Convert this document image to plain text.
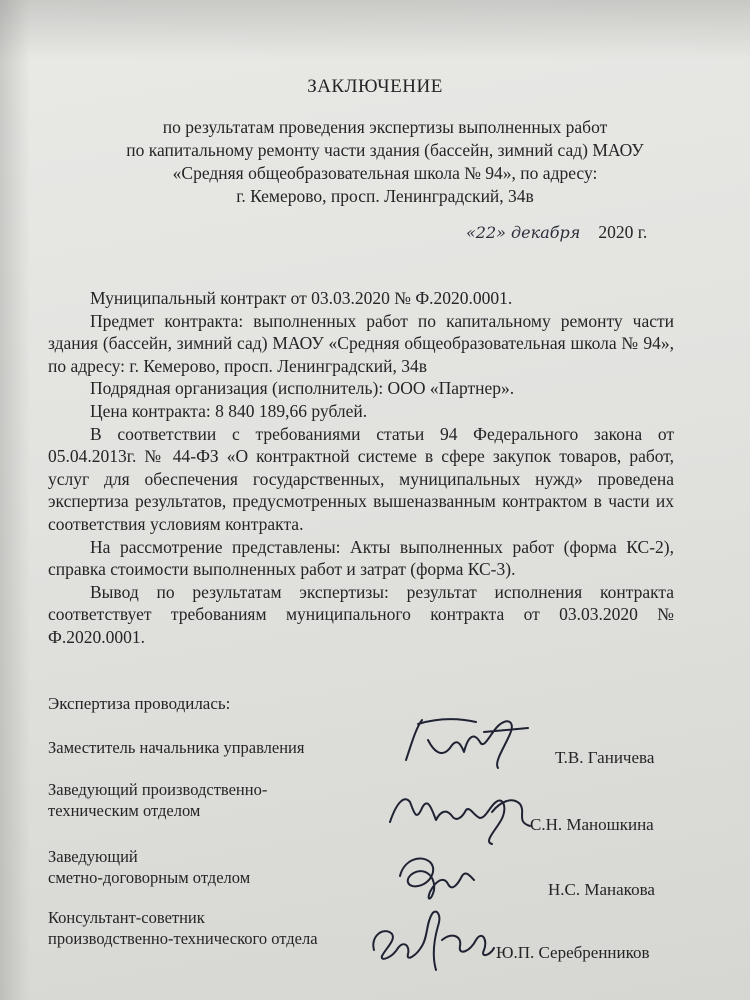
ЗАКЛЮЧЕНИЕ
по результатам проведения экспертизы выполненных работ
по капитальному ремонту части здания (бассейн, зимний сад) МАОУ
«Средняя общеобразовательная школа № 94», по адресу:
г. Кемерово, просп. Ленинградский, 34в
«22» декабря 2020 г.

Муниципальный контракт от 03.03.2020 № Ф.2020.0001.

Предмет контракта: выполненных работ по капитальному ремонту части здания (бассейн, зимний сад) МАОУ «Средняя общеобразовательная школа № 94», по адресу: г. Кемерово, просп. Ленинградский, 34в

Подрядная организация (исполнитель): ООО «Партнер».

Цена контракта: 8 840 189,66 рублей.

В соответствии с требованиями статьи 94 Федерального закона от 05.04.2013г. № 44-ФЗ «О контрактной системе в сфере закупок товаров, работ, услуг для обеспечения государственных, муниципальных нужд» проведена экспертиза результатов, предусмотренных вышеназванным контрактом в части их соответствия условиям контракта.

На рассмотрение представлены: Акты выполненных работ (форма КС-2), справка стоимости выполненных работ и затрат (форма КС-3).

Вывод по результатам экспертизы: результат исполнения контракта соответствует требованиям муниципального контракта от 03.03.2020 № Ф.2020.0001.

Экспертиза проводилась:
Заместитель начальника управления
Т.В. Ганичева
Заведующий производственно-
техническим отделом
С.Н. Маношкина
Заведующий
сметно-договорным отделом
Н.С. Манакова
Консультант-советник
производственно-технического отдела
Ю.П. Серебренников
